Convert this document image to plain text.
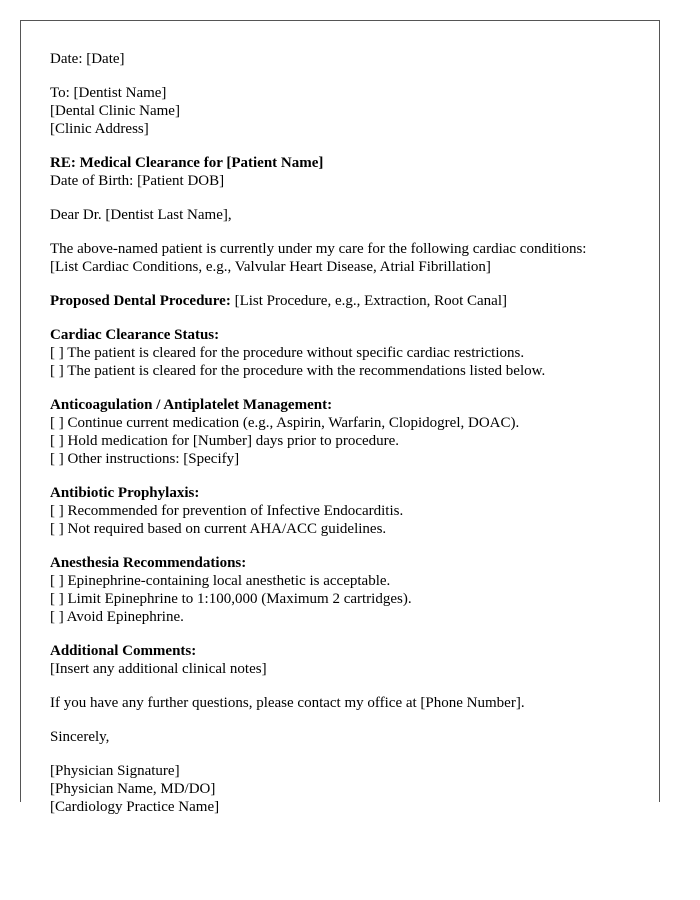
Date: [Date]
To: [Dentist Name]
[Dental Clinic Name]
[Clinic Address]
RE: Medical Clearance for [Patient Name]
Date of Birth: [Patient DOB]
Dear Dr. [Dentist Last Name],
The above-named patient is currently under my care for the following cardiac conditions:
[List Cardiac Conditions, e.g., Valvular Heart Disease, Atrial Fibrillation]
Proposed Dental Procedure: [List Procedure, e.g., Extraction, Root Canal]
Cardiac Clearance Status:
[ ] The patient is cleared for the procedure without specific cardiac restrictions.
[ ] The patient is cleared for the procedure with the recommendations listed below.
Anticoagulation / Antiplatelet Management:
[ ] Continue current medication (e.g., Aspirin, Warfarin, Clopidogrel, DOAC).
[ ] Hold medication for [Number] days prior to procedure.
[ ] Other instructions: [Specify]
Antibiotic Prophylaxis:
[ ] Recommended for prevention of Infective Endocarditis.
[ ] Not required based on current AHA/ACC guidelines.
Anesthesia Recommendations:
[ ] Epinephrine-containing local anesthetic is acceptable.
[ ] Limit Epinephrine to 1:100,000 (Maximum 2 cartridges).
[ ] Avoid Epinephrine.
Additional Comments:
[Insert any additional clinical notes]
If you have any further questions, please contact my office at [Phone Number].
Sincerely,
[Physician Signature]
[Physician Name, MD/DO]
[Cardiology Practice Name]
